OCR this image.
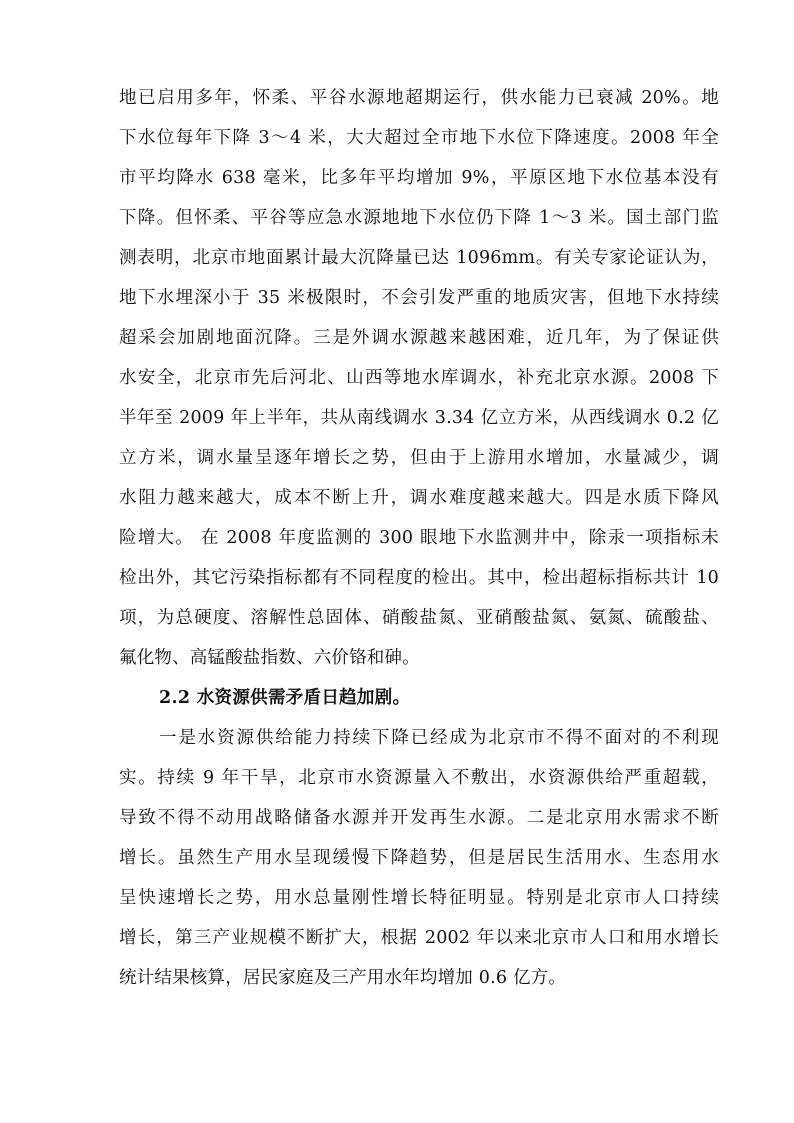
地已启用多年，怀柔、平谷水源地超期运行，供水能力已衰减 20%。地
下水位每年下降 3～4 米，大大超过全市地下水位下降速度。2008 年全
市平均降水 638 毫米，比多年平均增加 9%，平原区地下水位基本没有
下降。但怀柔、平谷等应急水源地地下水位仍下降 1～3 米。国土部门监
测表明，北京市地面累计最大沉降量已达 1096mm。有关专家论证认为，
地下水埋深小于 35 米极限时，不会引发严重的地质灾害，但地下水持续
超采会加剧地面沉降。三是外调水源越来越困难，近几年，为了保证供
水安全，北京市先后河北、山西等地水库调水，补充北京水源。2008 下
半年至 2009 年上半年，共从南线调水 3.34 亿立方米，从西线调水 0.2 亿
立方米，调水量呈逐年增长之势，但由于上游用水增加，水量减少，调
水阻力越来越大，成本不断上升，调水难度越来越大。四是水质下降风
险增大。 在 2008 年度监测的 300 眼地下水监测井中，除汞一项指标未
检出外，其它污染指标都有不同程度的检出。其中，检出超标指标共计 10
项，为总硬度、溶解性总固体、硝酸盐氮、亚硝酸盐氮、氨氮、硫酸盐、
氟化物、高锰酸盐指数、六价铬和砷。
2.2 水资源供需矛盾日趋加剧。
一是水资源供给能力持续下降已经成为北京市不得不面对的不利现
实。持续 9 年干旱，北京市水资源量入不敷出，水资源供给严重超载，
导致不得不动用战略储备水源并开发再生水源。二是北京用水需求不断
增长。虽然生产用水呈现缓慢下降趋势，但是居民生活用水、生态用水
呈快速增长之势，用水总量刚性增长特征明显。特别是北京市人口持续
增长，第三产业规模不断扩大，根据 2002 年以来北京市人口和用水增长
统计结果核算，居民家庭及三产用水年均增加 0.6 亿方。
